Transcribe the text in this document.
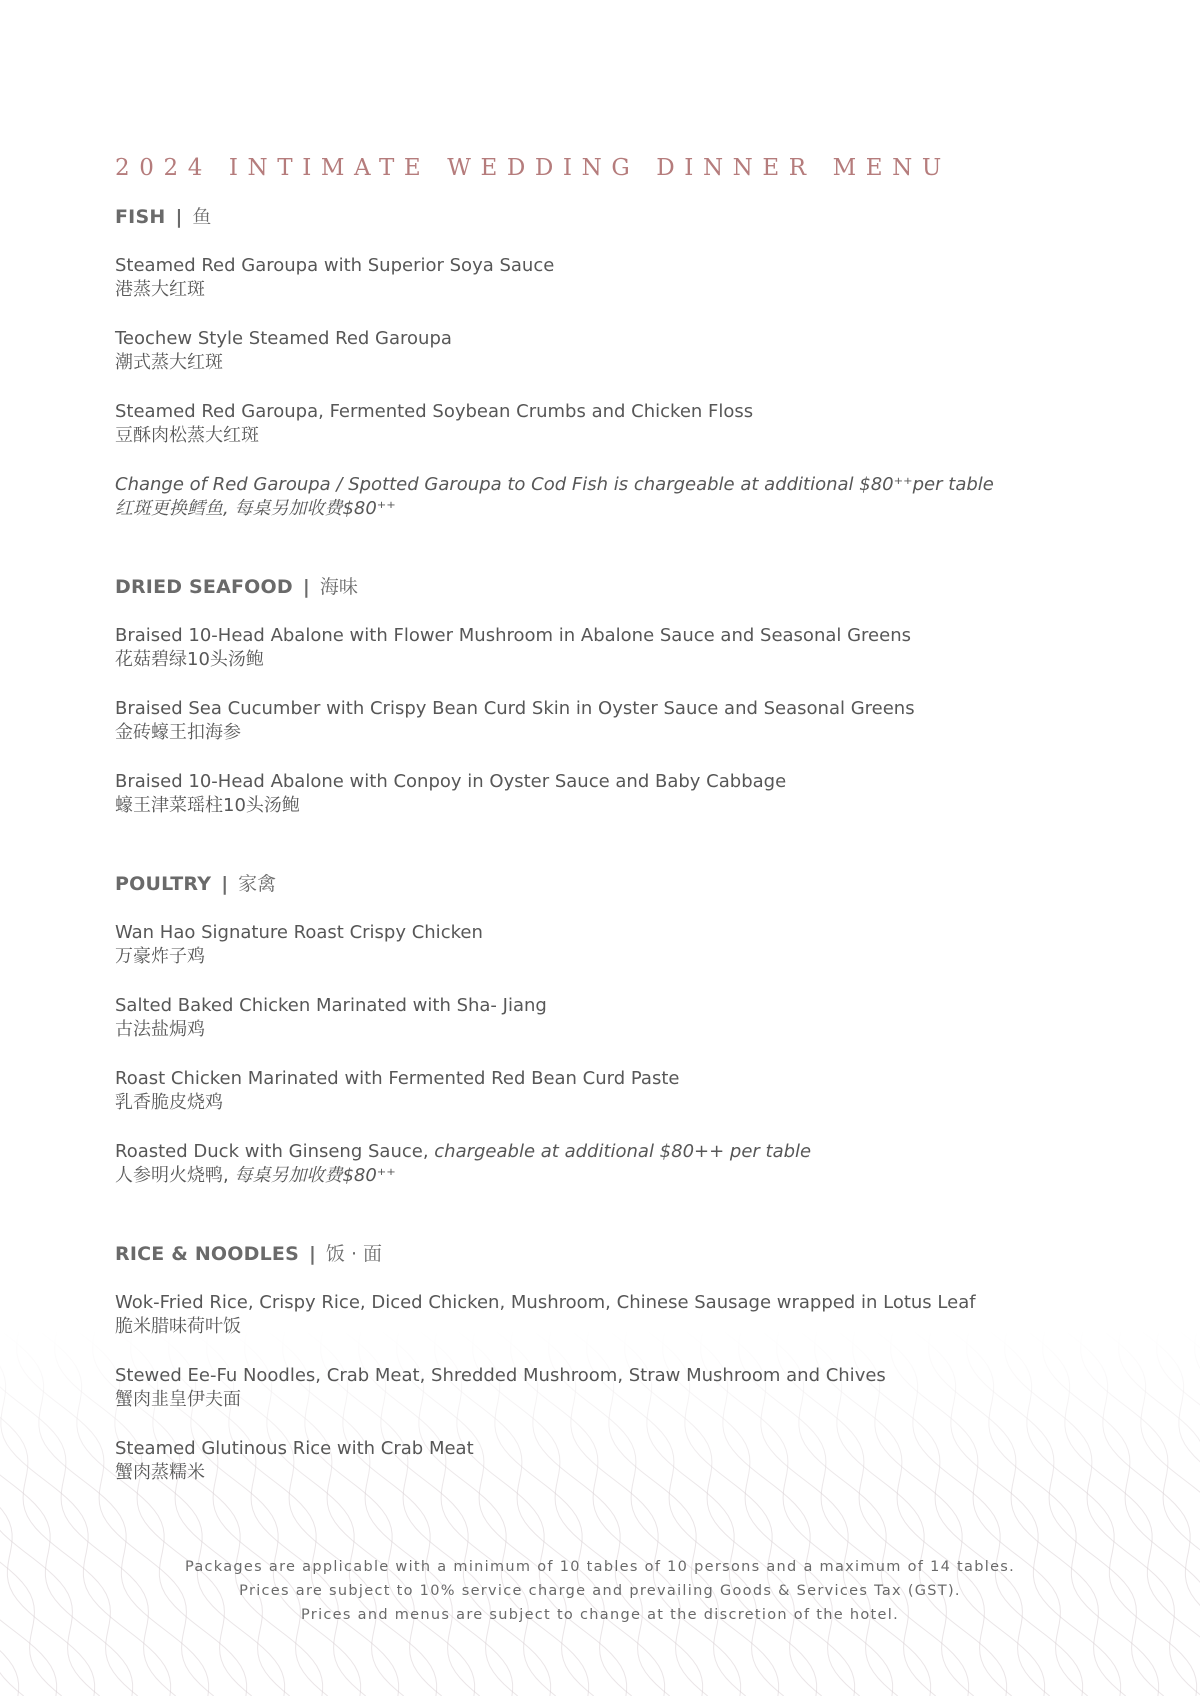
2024 INTIMATE WEDDING DINNER MENU
FISH | 鱼
Steamed Red Garoupa with Superior Soya Sauce
港蒸大红斑
Teochew Style Steamed Red Garoupa
潮式蒸大红斑
Steamed Red Garoupa, Fermented Soybean Crumbs and Chicken Floss
豆酥肉松蒸大红斑
Change of Red Garoupa / Spotted Garoupa to Cod Fish is chargeable at additional $80⁺⁺per table
红斑更换鳕鱼, 每桌另加收费$80⁺⁺
DRIED SEAFOOD | 海味
Braised 10-Head Abalone with Flower Mushroom in Abalone Sauce and Seasonal Greens
花菇碧绿10头汤鲍
Braised Sea Cucumber with Crispy Bean Curd Skin in Oyster Sauce and Seasonal Greens
金砖蠔王扣海参
Braised 10-Head Abalone with Conpoy in Oyster Sauce and Baby Cabbage
蠔王津菜瑶柱10头汤鲍
POULTRY | 家禽
Wan Hao Signature Roast Crispy Chicken
万豪炸子鸡
Salted Baked Chicken Marinated with Sha- Jiang
古法盐焗鸡
Roast Chicken Marinated with Fermented Red Bean Curd Paste
乳香脆皮烧鸡
Roasted Duck with Ginseng Sauce, chargeable at additional $80++ per table
人参明火烧鸭, 每桌另加收费$80⁺⁺
RICE & NOODLES | 饭 · 面
Wok-Fried Rice, Crispy Rice, Diced Chicken, Mushroom, Chinese Sausage wrapped in Lotus Leaf
脆米腊味荷叶饭
Stewed Ee-Fu Noodles, Crab Meat, Shredded Mushroom, Straw Mushroom and Chives
蟹肉韭皇伊夫面
Steamed Glutinous Rice with Crab Meat
蟹肉蒸糯米
Packages are applicable with a minimum of 10 tables of 10 persons and a maximum of 14 tables.
Prices are subject to 10% service charge and prevailing Goods & Services Tax (GST).
Prices and menus are subject to change at the discretion of the hotel.
